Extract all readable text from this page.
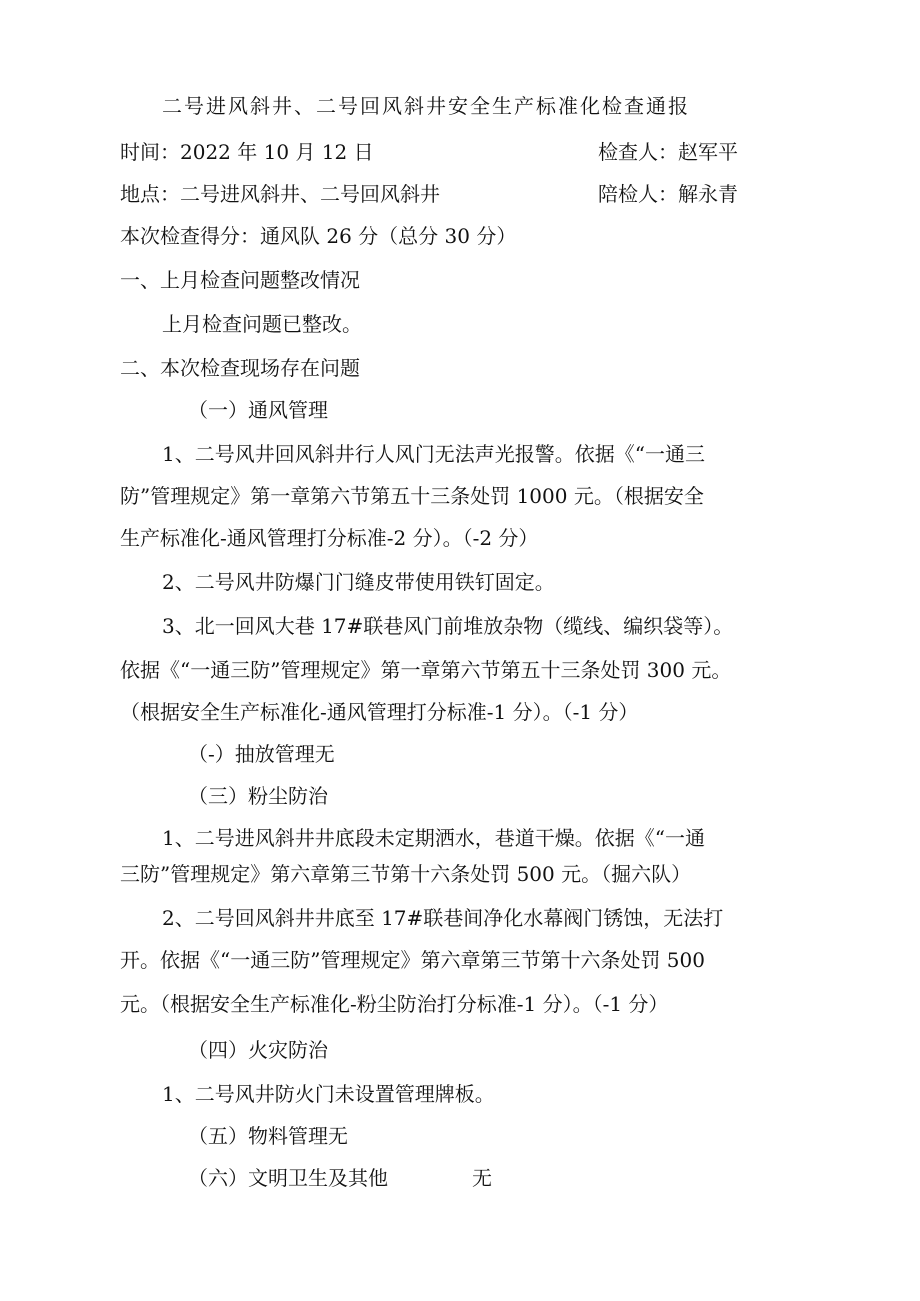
二号进风斜井、二号回风斜井安全生产标准化检查通报
时间：2022 年 10 月 12 日	检查人：赵军平
地点：二号进风斜井、二号回风斜井	陪检人：解永青
本次检查得分：通风队 26 分（总分 30 分）
一、上月检查问题整改情况
上月检查问题已整改。
二、本次检查现场存在问题
（一）通风管理
1、二号风井回风斜井行人风门无法声光报警。依据《“一通三
防”管理规定》第一章第六节第五十三条处罚 1000 元。（根据安全
生产标准化-通风管理打分标准-2 分）。（-2 分）
2、二号风井防爆门门缝皮带使用铁钉固定。
3、北一回风大巷 17#联巷风门前堆放杂物（缆线、编织袋等）。
依据《“一通三防”管理规定》第一章第六节第五十三条处罚 300 元。
（根据安全生产标准化-通风管理打分标准-1 分）。（-1 分）
（-）抽放管理无
（三）粉尘防治
1、二号进风斜井井底段未定期洒水，巷道干燥。依据《“一通
三防”管理规定》第六章第三节第十六条处罚 500 元。（掘六队）
2、二号回风斜井井底至 17#联巷间净化水幕阀门锈蚀，无法打
开。依据《“一通三防”管理规定》第六章第三节第十六条处罚 500
元。（根据安全生产标准化-粉尘防治打分标准-1 分）。（-1 分）
（四）火灾防治
1、二号风井防火门未设置管理牌板。
（五）物料管理无
（六）文明卫生及其他	无
